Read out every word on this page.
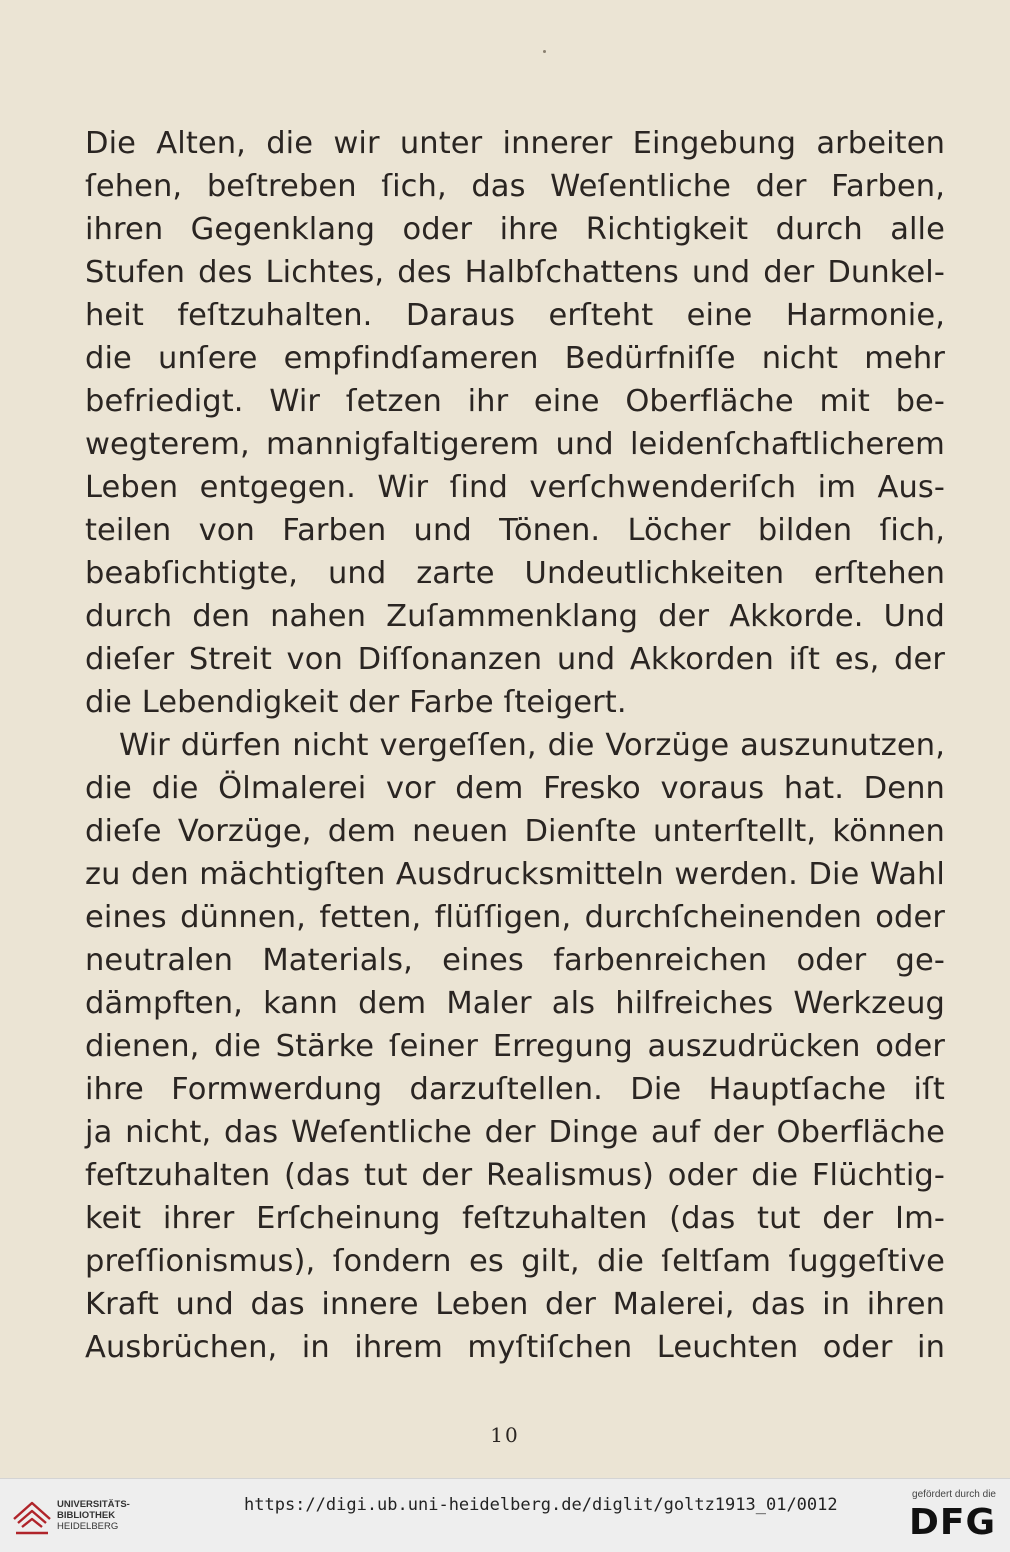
Die Alten, die wir unter innerer Eingebung arbeiten
ſehen, beſtreben ſich, das Weſentliche der Farben,
ihren Gegenklang oder ihre Richtigkeit durch alle
Stufen des Lichtes, des Halbſchattens und der Dunkel-
heit feſtzuhalten. Daraus erſteht eine Harmonie,
die unſere empfindſameren Bedürfniſſe nicht mehr
befriedigt. Wir ſetzen ihr eine Oberfläche mit be-
wegterem, mannigfaltigerem und leidenſchaftlicherem
Leben entgegen. Wir ſind verſchwenderiſch im Aus-
teilen von Farben und Tönen. Löcher bilden ſich,
beabſichtigte, und zarte Undeutlichkeiten erſtehen
durch den nahen Zuſammenklang der Akkorde. Und
dieſer Streit von Diſſonanzen und Akkorden iſt es, der
die Lebendigkeit der Farbe ſteigert.
Wir dürfen nicht vergeſſen, die Vorzüge auszunutzen,
die die Ölmalerei vor dem Fresko voraus hat. Denn
dieſe Vorzüge, dem neuen Dienſte unterſtellt, können
zu den mächtigſten Ausdrucksmitteln werden. Die Wahl
eines dünnen, fetten, flüſſigen, durchſcheinenden oder
neutralen Materials, eines farbenreichen oder ge-
dämpften, kann dem Maler als hilfreiches Werkzeug
dienen, die Stärke ſeiner Erregung auszudrücken oder
ihre Formwerdung darzuſtellen. Die Hauptſache iſt
ja nicht, das Weſentliche der Dinge auf der Oberfläche
feſtzuhalten (das tut der Realismus) oder die Flüchtig-
keit ihrer Erſcheinung feſtzuhalten (das tut der Im-
preſſionismus), ſondern es gilt, die ſeltſam ſuggeſtive
Kraft und das innere Leben der Malerei, das in ihren
Ausbrüchen, in ihrem myſtiſchen Leuchten oder in
10
UNIVERSITÄTS-
BIBLIOTHEK
HEIDELBERG
https://digi.ub.uni-heidelberg.de/diglit/goltz1913_01/0012
gefördert durch die
DFG
